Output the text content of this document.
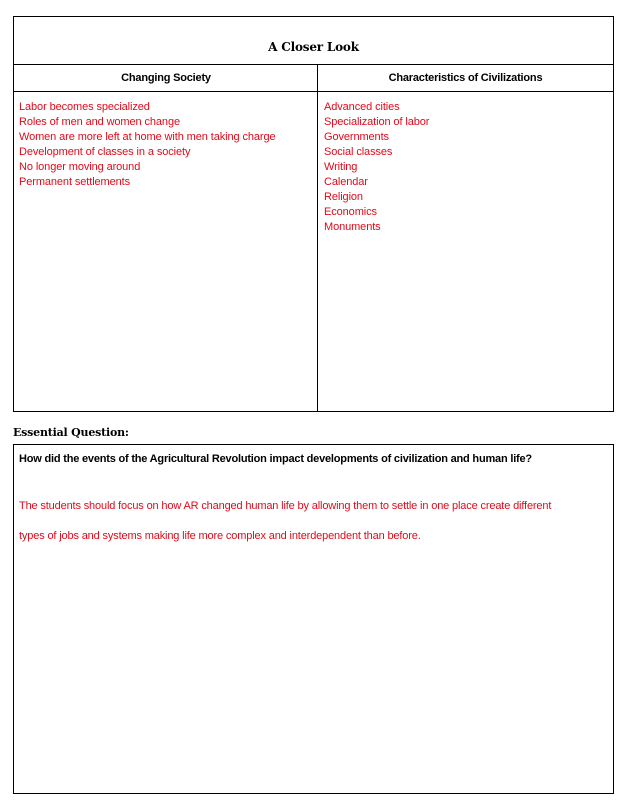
A Closer Look
Changing Society	Characteristics of Civilizations
Labor becomes specialized
Roles of men and women change
Women are more left at home with men taking charge
Development of classes in a society
No longer moving around
Permanent settlements
Advanced cities
Specialization of labor
Governments
Social classes
Writing
Calendar
Religion
Economics
Monuments
Essential Question:
How did the events of the Agricultural Revolution impact developments of civilization and human life?
The students should focus on how AR changed human life by allowing them to settle in one place create different
types of jobs and systems making life more complex and interdependent than before.
